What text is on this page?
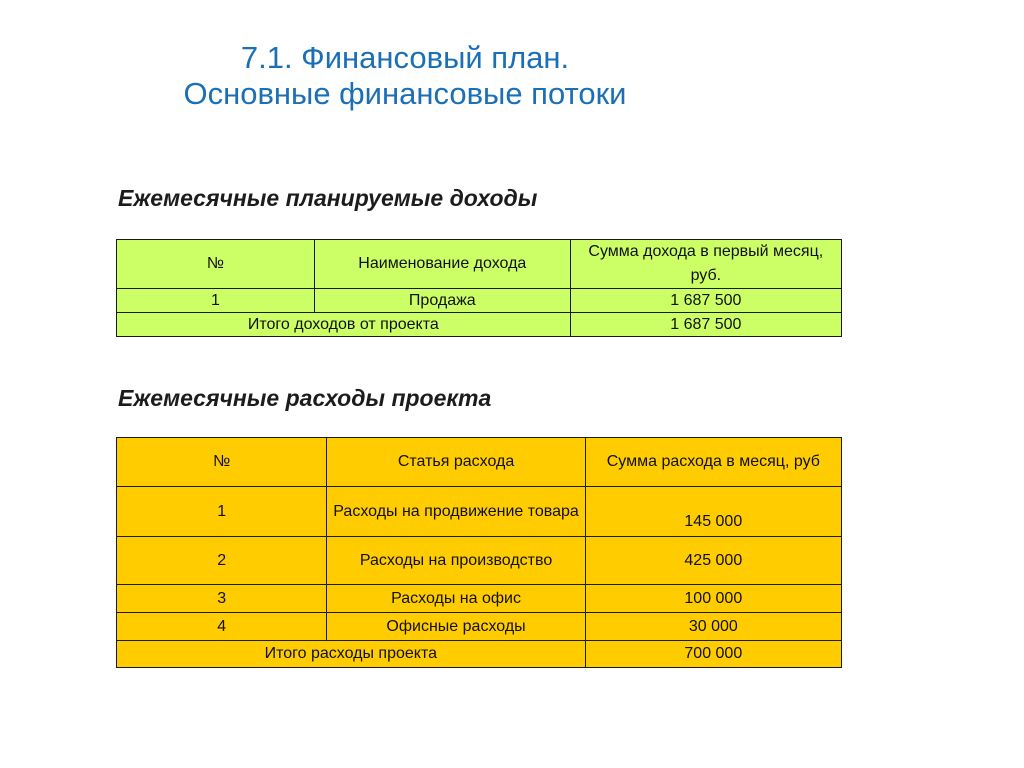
7.1. Финансовый план.
Основные финансовые потоки
Ежемесячные планируемые доходы
№	Наименование дохода	Сумма дохода в первый месяц, руб.
1	Продажа	1 687 500
Итого доходов от проекта		1 687 500
Ежемесячные расходы проекта
№	Статья расхода	Сумма расхода в месяц, руб
1	Расходы на продвижение товара	145 000
2	Расходы на производство	425 000
3	Расходы на офис	100 000
4	Офисные расходы	30 000
Итого расходы проекта		700 000
